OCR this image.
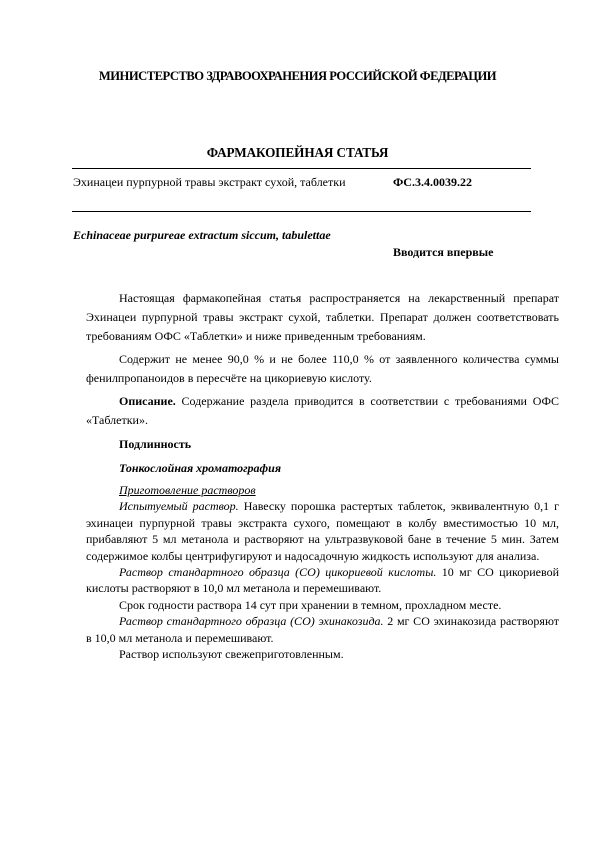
МИНИСТЕРСТВО ЗДРАВООХРАНЕНИЯ РОССИЙСКОЙ ФЕДЕРАЦИИ
ФАРМАКОПЕЙНАЯ СТАТЬЯ
Эхинацеи пурпурной травы экстракт сухой, таблетки	ФС.3.4.0039.22
Echinaceae purpureae extractum siccum, tabulettae
Вводится впервые

Настоящая фармакопейная статья распространяется на лекарственный препарат Эхинацеи пурпурной травы экстракт сухой, таблетки. Препарат должен соответствовать требованиям ОФС «Таблетки» и ниже приведенным требованиям.

Содержит не менее 90,0 % и не более 110,0 % от заявленного количества суммы фенилпропаноидов в пересчёте на цикориевую кислоту.

Описание. Содержание раздела приводится в соответствии с требованиями ОФС «Таблетки».

Подлинность

Тонкослойная хроматография

Приготовление растворов

Испытуемый раствор. Навеску порошка растертых таблеток, эквивалентную 0,1 г эхинацеи пурпурной травы экстракта сухого, помещают в колбу вместимостью 10 мл, прибавляют 5 мл метанола и растворяют на ультразвуковой бане в течение 5 мин. Затем содержимое колбы центрифугируют и надосадочную жидкость используют для анализа.

Раствор стандартного образца (СО) цикориевой кислоты. 10 мг СО цикориевой кислоты растворяют в 10,0 мл метанола и перемешивают.

Срок годности раствора 14 сут при хранении в темном, прохладном месте.

Раствор стандартного образца (СО) эхинакозида. 2 мг СО эхинакозида растворяют в 10,0 мл метанола и перемешивают.

Раствор используют свежеприготовленным.
